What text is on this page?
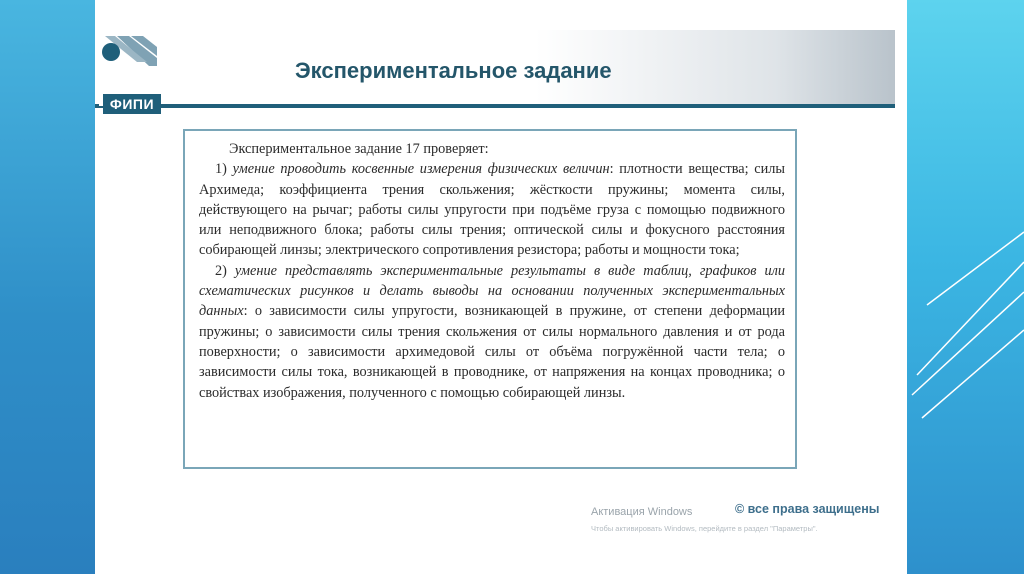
ФИПИ
Экспериментальное задание

Экспериментальное задание 17 проверяет:

1) умение проводить косвенные измерения физических величин: плотности вещества; силы Архимеда; коэффициента трения скольжения; жёсткости пружины; момента силы, действующего на рычаг; работы силы упругости при подъёме груза с помощью подвижного или неподвижного блока; работы силы трения; оптической силы и фокусного расстояния собирающей линзы; электрического сопротивления резистора; работы и мощности тока;

2) умение представлять экспериментальные результаты в виде таблиц, графиков или схематических рисунков и делать выводы на основании полученных экспериментальных данных: о зависимости силы упругости, возникающей в пружине, от степени деформации пружины; о зависимости силы трения скольжения от силы нормального давления и от рода поверхности; о зависимости архимедовой силы от объёма погружённой части тела; о зависимости силы тока, возникающей в проводнике, от напряжения на концах проводника; о свойствах изображения, полученного с помощью собирающей линзы.

Активация Windows
Чтобы активировать Windows, перейдите в раздел "Параметры".
© все права защищены
